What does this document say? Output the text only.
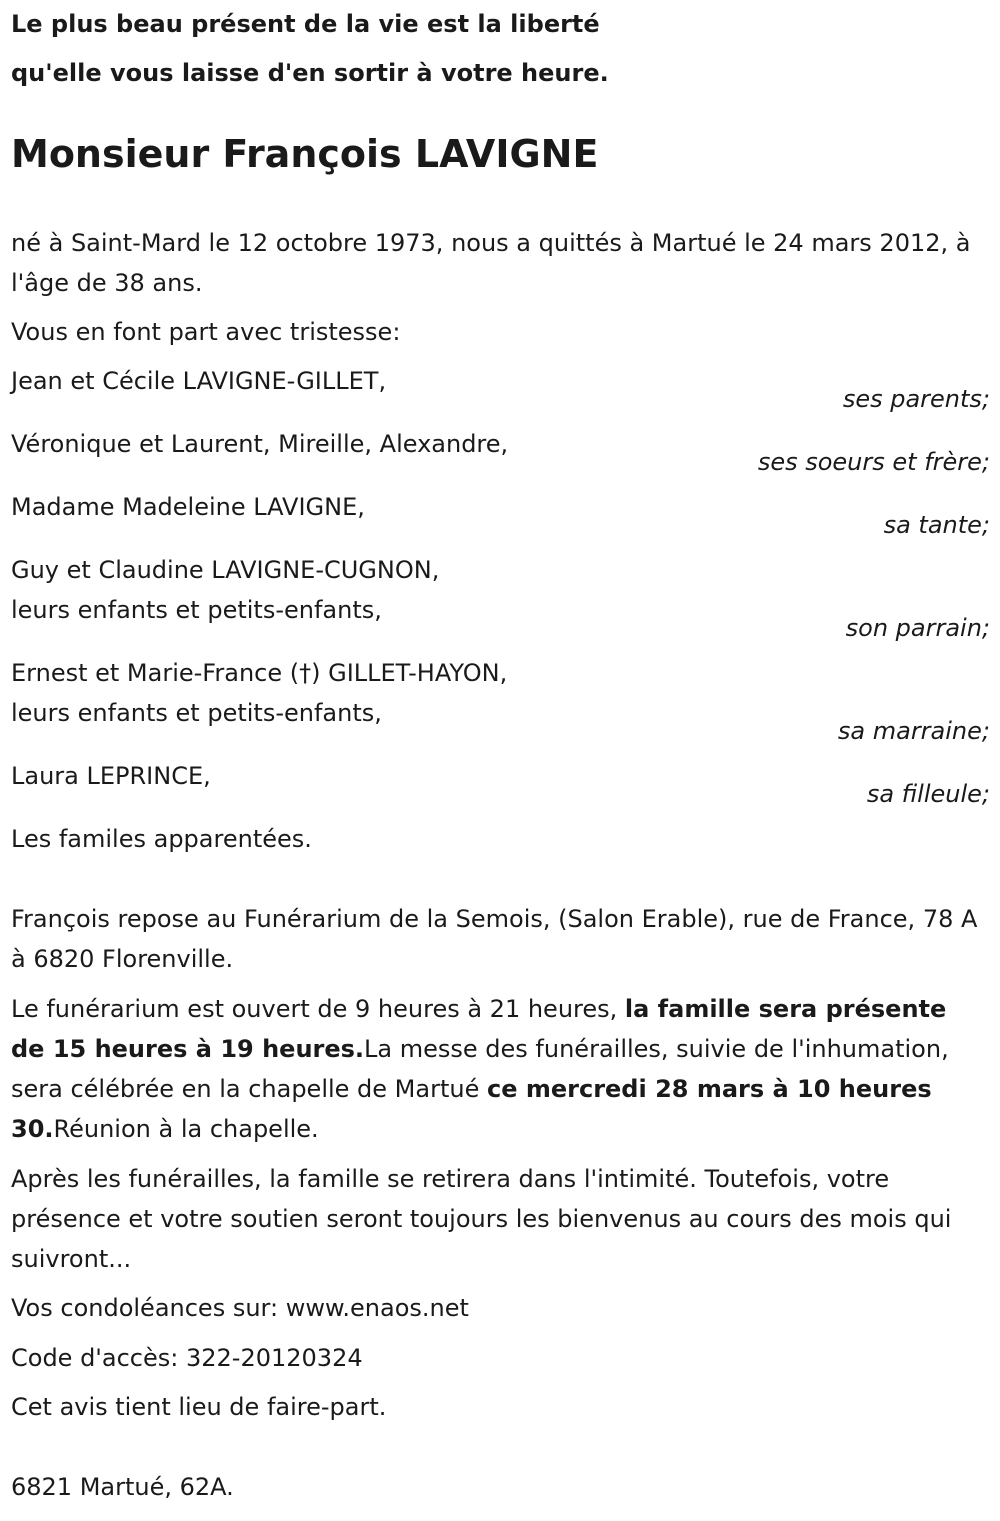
Le plus beau présent de la vie est la liberté
qu'elle vous laisse d'en sortir à votre heure.
Monsieur François LAVIGNE
né à Saint-Mard le 12 octobre 1973, nous a quittés à Martué le 24 mars 2012, à l'âge de 38 ans.
Vous en font part avec tristesse:
Jean et Cécile LAVIGNE-GILLET,
ses parents;
Véronique et Laurent, Mireille, Alexandre,
ses soeurs et frère;
Madame Madeleine LAVIGNE,
sa tante;
Guy et Claudine LAVIGNE-CUGNON,
leurs enfants et petits-enfants,
son parrain;
Ernest et Marie-France (†) GILLET-HAYON,
leurs enfants et petits-enfants,
sa marraine;
Laura LEPRINCE,
sa filleule;
Les familes apparentées.
François repose au Funérarium de la Semois, (Salon Erable), rue de France, 78 A à 6820 Florenville.
Le funérarium est ouvert de 9 heures à 21 heures, la famille sera présente de 15 heures à 19 heures.La messe des funérailles, suivie de l'inhumation, sera célébrée en la chapelle de Martué ce mercredi 28 mars à 10 heures 30.Réunion à la chapelle.
Après les funérailles, la famille se retirera dans l'intimité. Toutefois, votre présence et votre soutien seront toujours les bienvenus au cours des mois qui suivront...
Vos condoléances sur: www.enaos.net
Code d'accès: 322-20120324
Cet avis tient lieu de faire-part.
6821 Martué, 62A.
